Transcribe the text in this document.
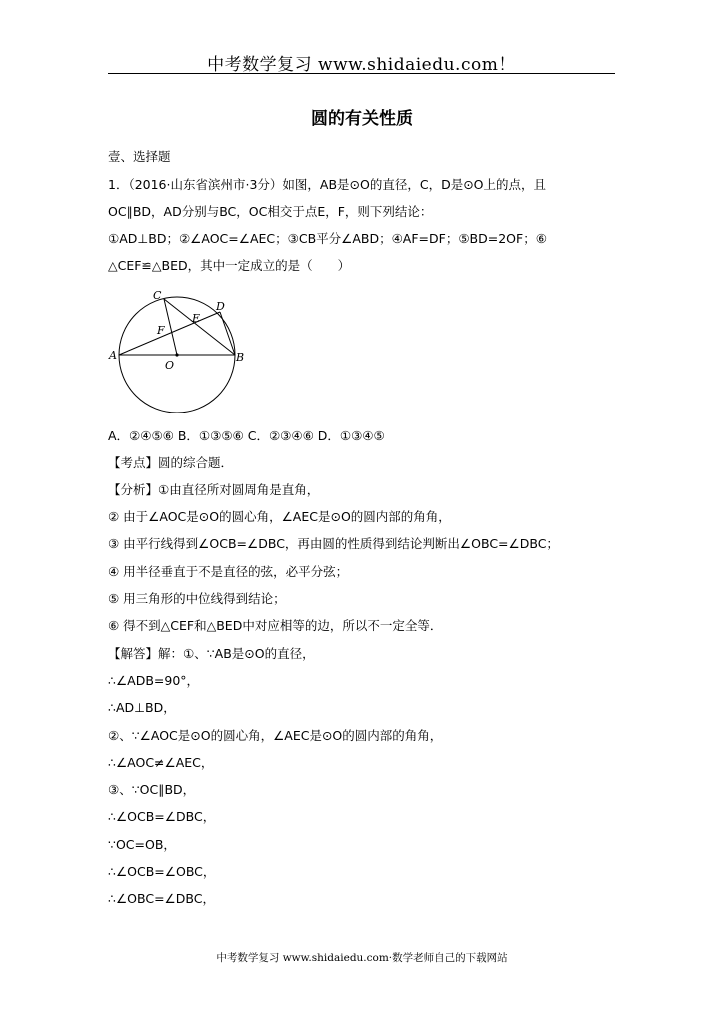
中考数学复习 www.shidaiedu.com！
圆的有关性质
壹、选择题
1．（2016·山东省滨州市·3分）如图，AB是⊙O的直径，C，D是⊙O上的点，且
OC∥BD，AD分别与BC，OC相交于点E，F，则下列结论：
①AD⊥BD；②∠AOC=∠AEC；③CB平分∠ABD；④AF=DF；⑤BD=2OF；⑥
△CEF≌△BED，其中一定成立的是（　　）
A	B
C
D
E
F
O
A．②④⑤⑥ B．①③⑤⑥ C．②③④⑥ D．①③④⑤
【考点】圆的综合题．
【分析】①由直径所对圆周角是直角，
② 由于∠AOC是⊙O的圆心角，∠AEC是⊙O的圆内部的角角，
③ 由平行线得到∠OCB=∠DBC，再由圆的性质得到结论判断出∠OBC=∠DBC；
④ 用半径垂直于不是直径的弦，必平分弦；
⑤ 用三角形的中位线得到结论；
⑥ 得不到△CEF和△BED中对应相等的边，所以不一定全等．
【解答】解：①、∵AB是⊙O的直径，
∴∠ADB=90°，
∴AD⊥BD，
②、∵∠AOC是⊙O的圆心角，∠AEC是⊙O的圆内部的角角，
∴∠AOC≠∠AEC，
③、∵OC∥BD，
∴∠OCB=∠DBC，
∵OC=OB，
∴∠OCB=∠OBC，
∴∠OBC=∠DBC，
中考数学复习 www.shidaiedu.com·数学老师自己的下载网站
